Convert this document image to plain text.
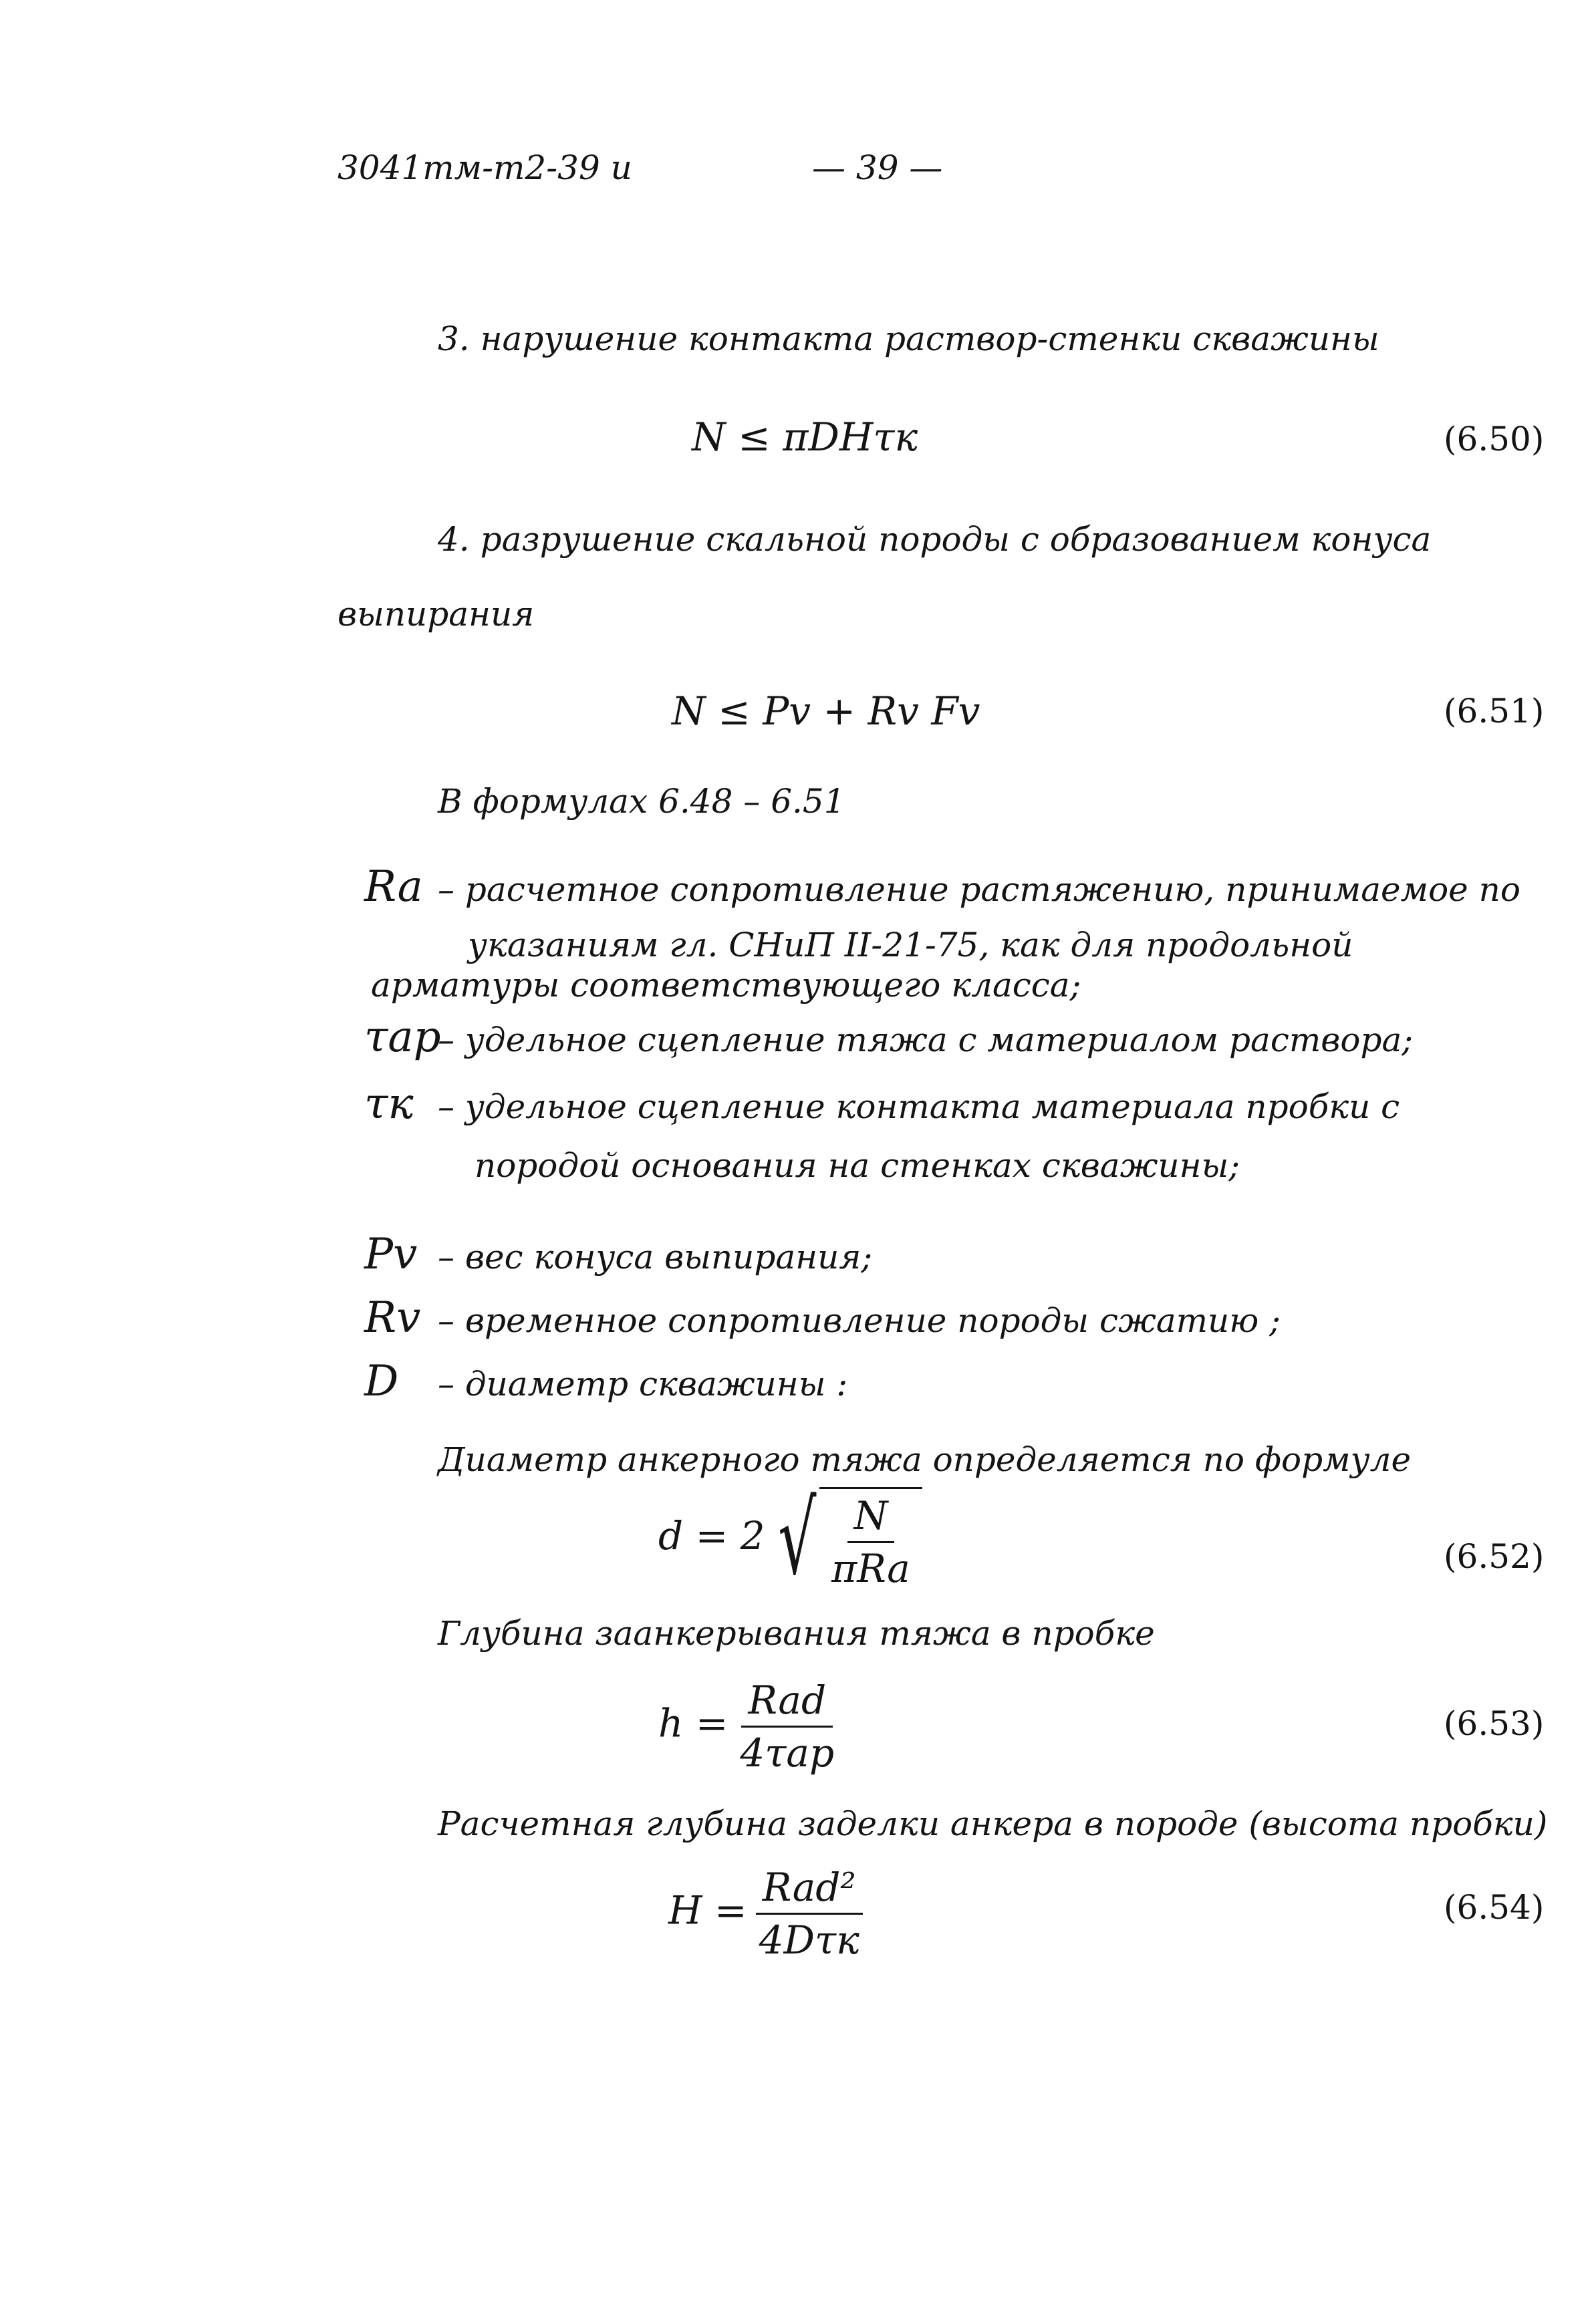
3041тм-т2-39 и	— 39 —
3. нарушение контакта раствор-стенки скважины
N ≤ πDHτк	(6.50)
4. разрушение скальной породы с образованием конуса
выпирания
N ≤ Pv + Rv Fv	(6.51)
В формулах 6.48 – 6.51
Ra – расчетное сопротивление растяжению, принимаемое по
указаниям гл. СНиП II-21-75, как для продольной
арматуры соответствующего класса;
τap– удельное сцепление тяжа с материалом раствора;
τк – удельное сцепление контакта материала пробки с
породой основания на стенках скважины;
Pv – вес конуса выпирания;
Rv – временное сопротивление породы сжатию ;
D – диаметр скважины :
Диаметр анкерного тяжа определяется по формуле
d = 2 √ $\frac{N}{\text{πRa}}$	(6.52)
Глубина заанкерывания тяжа в пробке
$h = \frac{\text{Rad}}{\text{4τap}}$	(6.53)
Расчетная глубина заделки анкера в породе (высота пробки)
$H = \frac{\text{Rad²}}{\text{4Dτк}}$	(6.54)
